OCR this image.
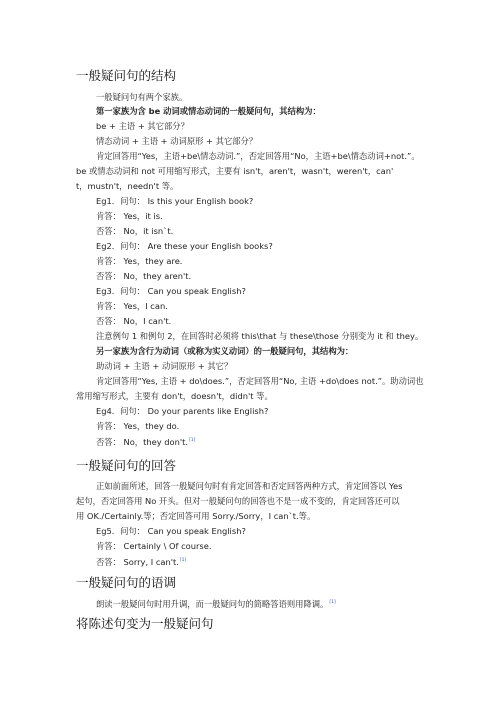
一般疑问句的结构
一般疑问句有两个家族。
第一家族为含 be 动词或情态动词的一般疑问句，其结构为：
be + 主语 + 其它部分？
情态动词 + 主语 + 动词原形 + 其它部分？
肯定回答用“Yes，主语+be\情态动词.”，否定回答用“No，主语+be\情态动词+not.”。
be 或情态动词和 not 可用缩写形式，主要有 isn't，aren't，wasn't，weren't，can'
t，mustn't，needn't 等。
Eg1．问句： Is this your English book?
肯答： Yes，it is.
否答： No，it isn`t.
Eg2．问句： Are these your English books?
肯答： Yes，they are.
否答： No，they aren't.
Eg3．问句： Can you speak English?
肯答： Yes，I can.
否答： No，I can't.
注意例句 1 和例句 2，在回答时必须将 this\that 与 these\those 分别变为 it 和 they。
另一家族为含行为动词（或称为实义动词）的一般疑问句，其结构为：
助动词 + 主语 + 动词原形 + 其它？
肯定回答用“Yes, 主语 + do\does.”，否定回答用“No, 主语 +do\does not.”。助动词也
常用缩写形式，主要有 don't，doesn't，didn't 等。
Eg4．问句： Do your parents like English?
肯答： Yes，they do.
否答： No，they don't.[1]
一般疑问句的回答
正如前面所述，回答一般疑问句时有肯定回答和否定回答两种方式，肯定回答以 Yes
起句，否定回答用 No 开头。但对一般疑问句的回答也不是一成不变的，肯定回答还可以
用 OK./Certainly.等；否定回答可用 Sorry./Sorry，I can`t.等。
Eg5．问句： Can you speak English?
肯答： Certainly \ Of course.
否答： Sorry, I can't.[1]
一般疑问句的语调
朗读一般疑问句时用升调，而一般疑问句的简略答语则用降调。[1]
将陈述句变为一般疑问句
